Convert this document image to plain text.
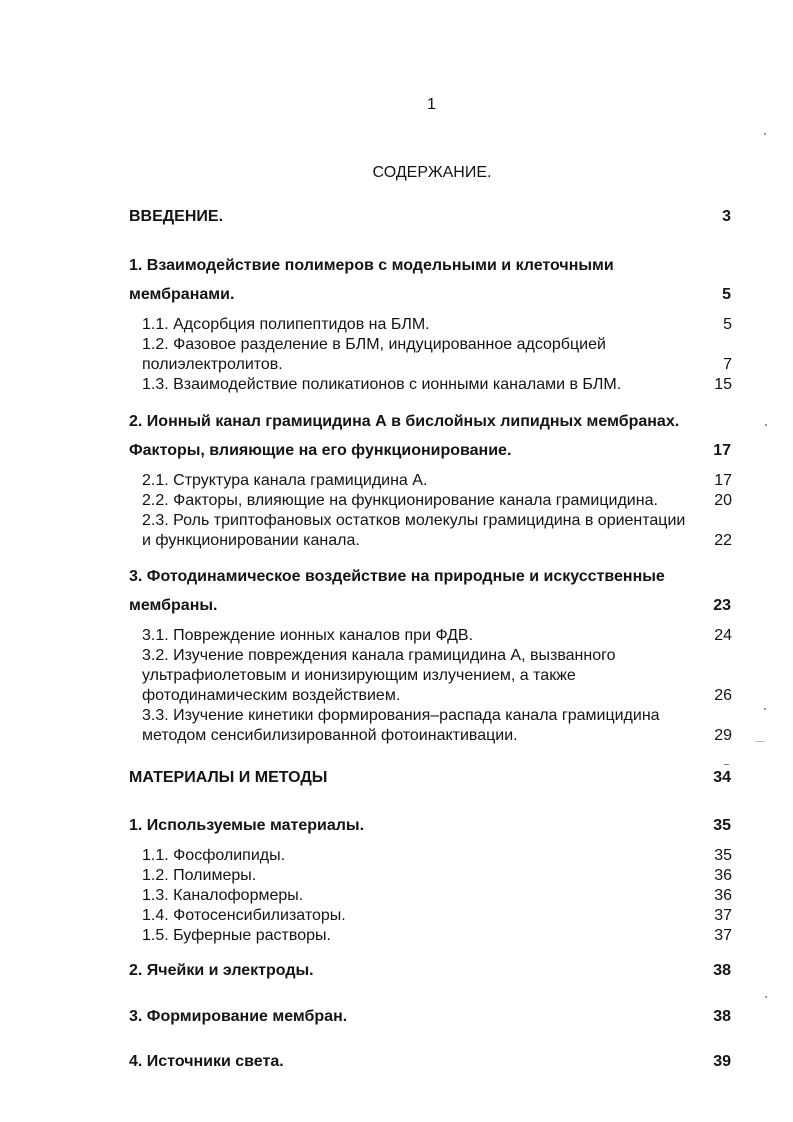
1
СОДЕРЖАНИЕ.
ВВЕДЕНИЕ.	3
1. Взаимодействие полимеров с модельными и клеточными
мембранами.	5
1.1. Адсорбция полипептидов на БЛМ.	5
1.2. Фазовое разделение в БЛМ, индуцированное адсорбцией
полиэлектролитов.	7
1.3. Взаимодействие поликатионов с ионными каналами в БЛМ.	15
2. Ионный канал грамицидина А в бислойных липидных мембранах.
Факторы, влияющие на его функционирование.	17
2.1. Структура канала грамицидина А.	17
2.2. Факторы, влияющие на функционирование канала грамицидина.	20
2.3. Роль триптофановых остатков молекулы грамицидина в ориентации
и функционировании канала.	22
3. Фотодинамическое воздействие на природные и искусственные
мембраны.	23
3.1. Повреждение ионных каналов при ФДВ.	24
3.2. Изучение повреждения канала грамицидина А, вызванного
ультрафиолетовым и ионизирующим излучением, а также
фотодинамическим воздействием.	26
3.3. Изучение кинетики формирования–распада канала грамицидина
методом сенсибилизированной фотоинактивации.	29
МАТЕРИАЛЫ И МЕТОДЫ	34
1. Используемые материалы.	35
1.1. Фосфолипиды.	35
1.2. Полимеры.	36
1.3. Каналоформеры.	36
1.4. Фотосенсибилизаторы.	37
1.5. Буферные растворы.	37
2. Ячейки и электроды.	38
3. Формирование мембран.	38
4. Источники света.	39
